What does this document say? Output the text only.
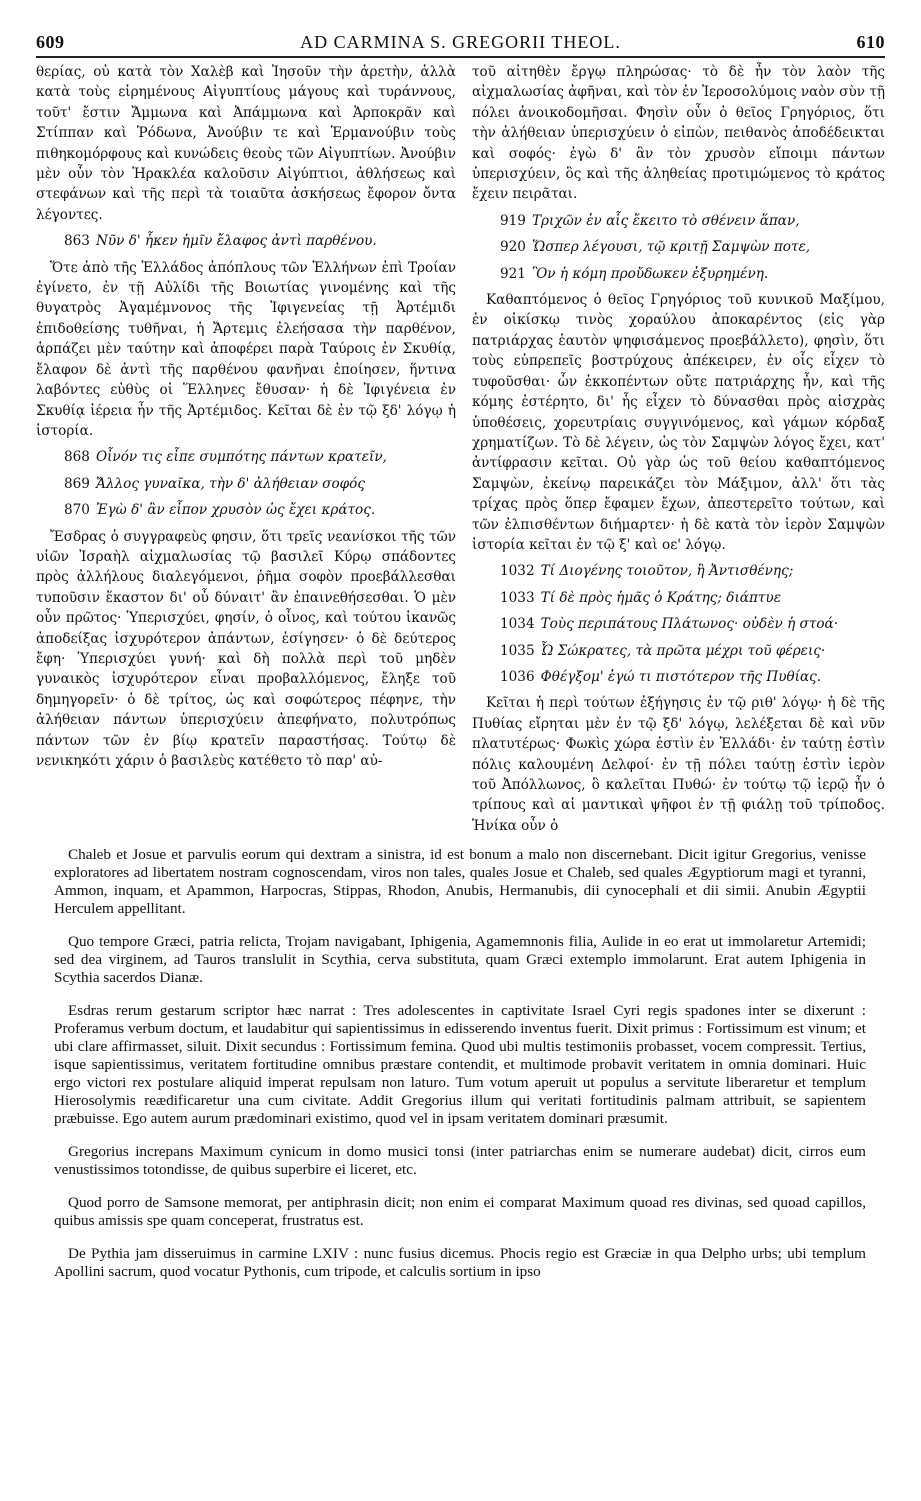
609	AD CARMINA S. GREGORII THEOL.	610

θερίας, οὐ κατὰ τὸν Χαλὲβ καὶ Ἰησοῦν τὴν ἀρετὴν, ἀλλὰ κατὰ τοὺς εἰρημένους Αἰγυπτίους μάγους καὶ τυράννους, τοῦτ' ἔστιν Ἄμμωνα καὶ Ἀπάμμωνα καὶ Ἁρποκρᾶν καὶ Στίππαν καὶ Ῥόδωνα, Ἀνούβιν τε καὶ Ἑρμανούβιν τοὺς πιθηκομόρφους καὶ κυνώδεις θεοὺς τῶν Αἰγυπτίων. Ἀνούβιν μὲν οὖν τὸν Ἡρακλέα καλοῦσιν Αἰγύπτιοι, ἀθλήσεως καὶ στεφάνων καὶ τῆς περὶ τὰ τοιαῦτα ἀσκήσεως ἔφορον ὄντα λέγοντες.

863 Νῦν δ' ἧκεν ἡμῖν ἔλαφος ἀντὶ παρθένου.

Ὅτε ἀπὸ τῆς Ἑλλάδος ἀπόπλους τῶν Ἑλλήνων ἐπὶ Τροίαν ἐγίνετο, ἐν τῇ Αὐλίδι τῆς Βοιωτίας γινομένης καὶ τῆς θυγατρὸς Ἀγαμέμνονος τῆς Ἰφιγενείας τῇ Ἀρτέμιδι ἐπιδοθείσης τυθῆναι, ἡ Ἄρτεμις ἐλεήσασα τὴν παρθένον, ἁρπάζει μὲν ταύτην καὶ ἀποφέρει παρὰ Ταύροις ἐν Σκυθίᾳ, ἔλαφον δὲ ἀντὶ τῆς παρθένου φανῆναι ἐποίησεν, ἥντινα λαβόντες εὐθὺς οἱ Ἕλληνες ἔθυσαν· ἡ δὲ Ἰφιγένεια ἐν Σκυθίᾳ ἱέρεια ἦν τῆς Ἀρτέμιδος. Κεῖται δὲ ἐν τῷ ξδ' λόγῳ ἡ ἱστορία.

868 Οἶνόν τις εἶπε συμπότης πάντων κρατεῖν,

869 Ἄλλος γυναῖκα, τὴν δ' ἀλήθειαν σοφός

870 Ἐγὼ δ' ἂν εἶπον χρυσὸν ὡς ἔχει κράτος.

Ἔσδρας ὁ συγγραφεὺς φησιν, ὅτι τρεῖς νεανίσκοι τῆς τῶν υἱῶν Ἰσραὴλ αἰχμαλωσίας τῷ βασιλεῖ Κύρῳ σπάδοντες πρὸς ἀλλήλους διαλεγόμενοι, ῥῆμα σοφὸν προεβάλλεσθαι τυποῦσιν ἕκαστον δι' οὗ δύναιτ' ἂν ἐπαινεθήσεσθαι. Ὁ μὲν οὖν πρῶτος· Ὑπερισχύει, φησίν, ὁ οἶνος, καὶ τούτου ἱκανῶς ἀποδείξας ἰσχυρότερον ἁπάντων, ἐσίγησεν· ὁ δὲ δεύτερος ἔφη· Ὑπερισχύει γυνή· καὶ δὴ πολλὰ περὶ τοῦ μηδὲν γυναικὸς ἰσχυρότερον εἶναι προβαλλόμενος, ἔληξε τοῦ δημηγορεῖν· ὁ δὲ τρίτος, ὡς καὶ σοφώτερος πέφηνε, τὴν ἀλήθειαν πάντων ὑπερισχύειν ἀπεφήνατο, πολυτρόπως πάντων τῶν ἐν βίῳ κρατεῖν παραστήσας. Τούτῳ δὲ νενικηκότι χάριν ὁ βασιλεὺς κατέθετο τὸ παρ' αὐ-

τοῦ αἰτηθὲν ἔργῳ πληρώσας· τὸ δὲ ἦν τὸν λαὸν τῆς αἰχμαλωσίας ἀφῆναι, καὶ τὸν ἐν Ἱεροσολύμοις ναὸν σὺν τῇ πόλει ἀνοικοδομῆσαι. Φησὶν οὖν ὁ θεῖος Γρηγόριος, ὅτι τὴν ἀλήθειαν ὑπερισχύειν ὁ εἰπὼν, πειθανὸς ἀποδέδεικται καὶ σοφός· ἐγὼ δ' ἂν τὸν χρυσὸν εἴποιμι πάντων ὑπερισχύειν, ὃς καὶ τῆς ἀληθείας προτιμώμενος τὸ κράτος ἔχειν πειρᾶται.

919 Τριχῶν ἐν αἷς ἔκειτο τὸ σθένειν ἅπαν,

920 Ὥσπερ λέγουσι, τῷ κριτῇ Σαμψὼν ποτε,

921 Ὃν ἡ κόμη προὔδωκεν ἐξυρημένη.

Καθαπτόμενος ὁ θεῖος Γρηγόριος τοῦ κυνικοῦ Μαξίμου, ἐν οἰκίσκῳ τινὸς χοραύλου ἀποκαρέντος (εἰς γὰρ πατριάρχας ἑαυτὸν ψηφισάμενος προεβάλλετο), φησὶν, ὅτι τοὺς εὐπρεπεῖς βοστρύχους ἀπέκειρεν, ἐν οἷς εἶχεν τὸ τυφοῦσθαι· ὧν ἐκκοπέντων οὔτε πατριάρχης ἦν, καὶ τῆς κόμης ἐστέρητο, δι' ἧς εἶχεν τὸ δύνασθαι πρὸς αἰσχρὰς ὑποθέσεις, χορευτρίαις συγγινόμενος, καὶ γάμων κόρδαξ χρηματίζων. Τὸ δὲ λέγειν, ὡς τὸν Σαμψὼν λόγος ἔχει, κατ' ἀντίφρασιν κεῖται. Οὐ γὰρ ὡς τοῦ θείου καθαπτόμενος Σαμψὼν, ἐκείνῳ παρεικάζει τὸν Μάξιμον, ἀλλ' ὅτι τὰς τρίχας πρὸς ὅπερ ἔφαμεν ἔχων, ἀπεστερεῖτο τούτων, καὶ τῶν ἐλπισθέντων διήμαρτεν· ἡ δὲ κατὰ τὸν ἱερὸν Σαμψὼν ἱστορία κεῖται ἐν τῷ ξ' καὶ οε' λόγῳ.

1032 Τί Διογένης τοιοῦτον, ἢ Ἀντισθένης;

1033 Τί δὲ πρὸς ἡμᾶς ὁ Κράτης; διάπτυε

1034 Τοὺς περιπάτους Πλάτωνος· οὐδὲν ἡ στοά·

1035 Ὦ Σώκρατες, τὰ πρῶτα μέχρι τοῦ φέρεις·

1036 Φθέγξομ' ἐγώ τι πιστότερον τῆς Πυθίας.

Κεῖται ἡ περὶ τούτων ἐξήγησις ἐν τῷ ριθ' λόγῳ· ἡ δὲ τῆς Πυθίας εἴρηται μὲν ἐν τῷ ξδ' λόγῳ, λελέξεται δὲ καὶ νῦν πλατυτέρως· Φωκὶς χώρα ἐστὶν ἐν Ἑλλάδι· ἐν ταύτῃ ἐστὶν πόλις καλουμένη Δελφοί· ἐν τῇ πόλει ταύτῃ ἐστὶν ἱερὸν τοῦ Ἀπόλλωνος, ὃ καλεῖται Πυθώ· ἐν τούτῳ τῷ ἱερῷ ἦν ὁ τρίπους καὶ αἱ μαντικαὶ ψῆφοι ἐν τῇ φιάλῃ τοῦ τρίποδος. Ἡνίκα οὖν ὁ

Chaleb et Josue et parvulis eorum qui dextram a sinistra, id est bonum a malo non discernebant. Dicit igitur Gregorius, venisse exploratores ad libertatem nostram cognoscendam, viros non tales, quales Josue et Chaleb, sed quales Ægyptiorum magi et tyranni, Ammon, inquam, et Apammon, Harpocras, Stippas, Rhodon, Anubis, Hermanubis, dii cynocephali et dii simii. Anubin Ægyptii Herculem appellitant.

Quo tempore Græci, patria relicta, Trojam navigabant, Iphigenia, Agamemnonis filia, Aulide in eo erat ut immolaretur Artemidi; sed dea virginem, ad Tauros translulit in Scythia, cerva substituta, quam Græci extemplo immolarunt. Erat autem Iphigenia in Scythia sacerdos Dianæ.

Esdras rerum gestarum scriptor hæc narrat : Tres adolescentes in captivitate Israel Cyri regis spadones inter se dixerunt : Proferamus verbum doctum, et laudabitur qui sapientissimus in edisserendo inventus fuerit. Dixit primus : Fortissimum est vinum; et ubi clare affirmasset, siluit. Dixit secundus : Fortissimum femina. Quod ubi multis testimoniis probasset, vocem compressit. Tertius, isque sapientissimus, veritatem fortitudine omnibus præstare contendit, et multimode probavit veritatem in omnia dominari. Huic ergo victori rex postulare aliquid imperat repulsam non laturo. Tum votum aperuit ut populus a servitute liberaretur et templum Hierosolymis reædificaretur una cum civitate. Addit Gregorius illum qui veritati fortitudinis palmam attribuit, se sapientem præbuisse. Ego autem aurum prædominari existimo, quod vel in ipsam veritatem dominari præsumit.

Gregorius increpans Maximum cynicum in domo musici tonsi (inter patriarchas enim se numerare audebat) dicit, cirros eum venustissimos totondisse, de quibus superbire ei liceret, etc.

Quod porro de Samsone memorat, per antiphrasin dicit; non enim ei comparat Maximum quoad res divinas, sed quoad capillos, quibus amissis spe quam conceperat, frustratus est.

De Pythia jam disseruimus in carmine LXIV : nunc fusius dicemus. Phocis regio est Græciæ in qua Delpho urbs; ubi templum Apollini sacrum, quod vocatur Pythonis, cum tripode, et calculis sortium in ipso
